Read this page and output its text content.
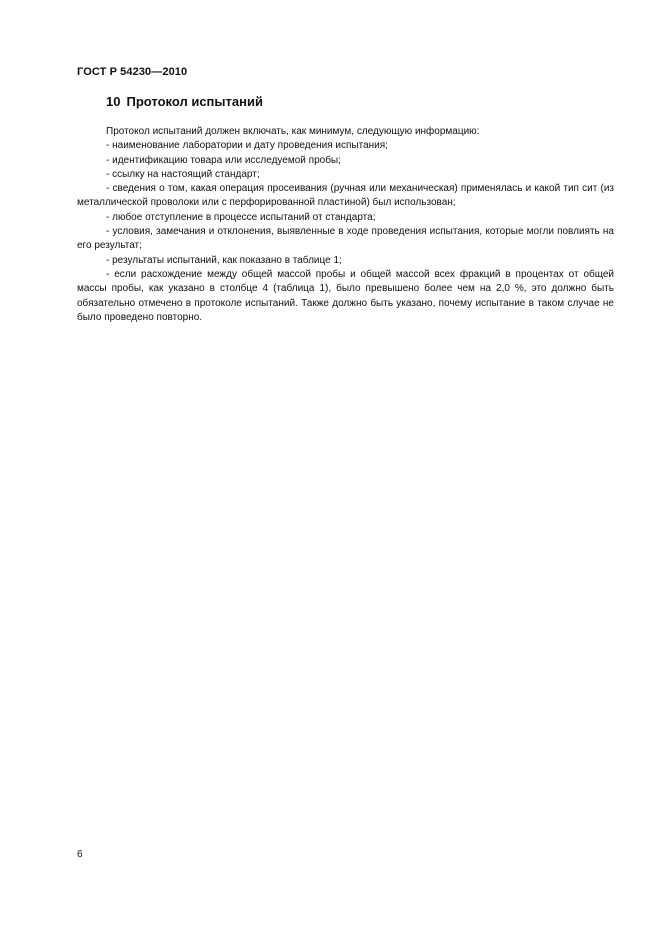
ГОСТ Р 54230—2010
10 Протокол испытаний

Протокол испытаний должен включать, как минимум, следующую информацию:

- наименование лаборатории и дату проведения испытания;

- идентификацию товара или исследуемой пробы;

- ссылку на настоящий стандарт;

- сведения о том, какая операция просеивания (ручная или механическая) применялась и какой тип сит (из металлической проволоки или с перфорированной пластиной) был использован;

- любое отступление в процессе испытаний от стандарта;

- условия, замечания и отклонения, выявленные в ходе проведения испытания, которые могли повлиять на его результат;

- результаты испытаний, как показано в таблице 1;

- если расхождение между общей массой пробы и общей массой всех фракций в процентах от общей массы пробы, как указано в столбце 4 (таблица 1), было превышено более чем на 2,0 %, это должно быть обязательно отмечено в протоколе испытаний. Также должно быть указано, почему испытание в таком случае не было проведено повторно.

6
